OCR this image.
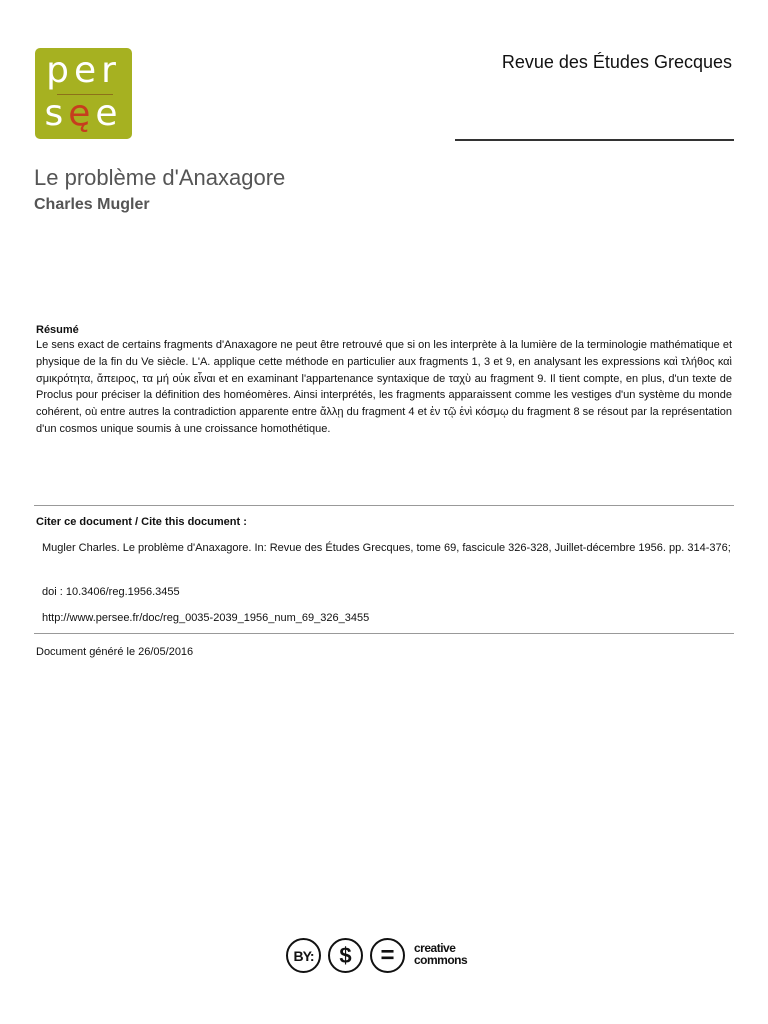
per
sęe
Revue des Études Grecques
Le problème d'Anaxagore
Charles Mugler
Résumé
Le sens exact de certains fragments d'Anaxagore ne peut être retrouvé que si on les interprète à la lumière de la terminologie mathématique et physique de la fin du Ve siècle. L'A. applique cette méthode en particulier aux fragments 1, 3 et 9, en analysant les expressions καὶ τλήθος καὶ σμικρότητα, ἄπειρος, τα μή οὐκ εἶναι et en examinant l'appartenance syntaxique de ταχὺ au fragment 9. Il tient compte, en plus, d'un texte de Proclus pour préciser la définition des homéomères. Ainsi interprétés, les fragments apparaissent comme les vestiges d'un système du monde cohérent, où entre autres la contradiction apparente entre ἄλλῃ du fragment 4 et ἐν τῷ ἑνὶ κόσμῳ du fragment 8 se résout par la représentation d'un cosmos unique soumis à une croissance homothétique.
Citer ce document / Cite this document :
Mugler Charles. Le problème d'Anaxagore. In: Revue des Études Grecques, tome 69, fascicule 326-328, Juillet-décembre 1956. pp. 314-376;
doi : 10.3406/reg.1956.3455
http://www.persee.fr/doc/reg_0035-2039_1956_num_69_326_3455
Document généré le 26/05/2016
BY:	$	=	creative
commons
